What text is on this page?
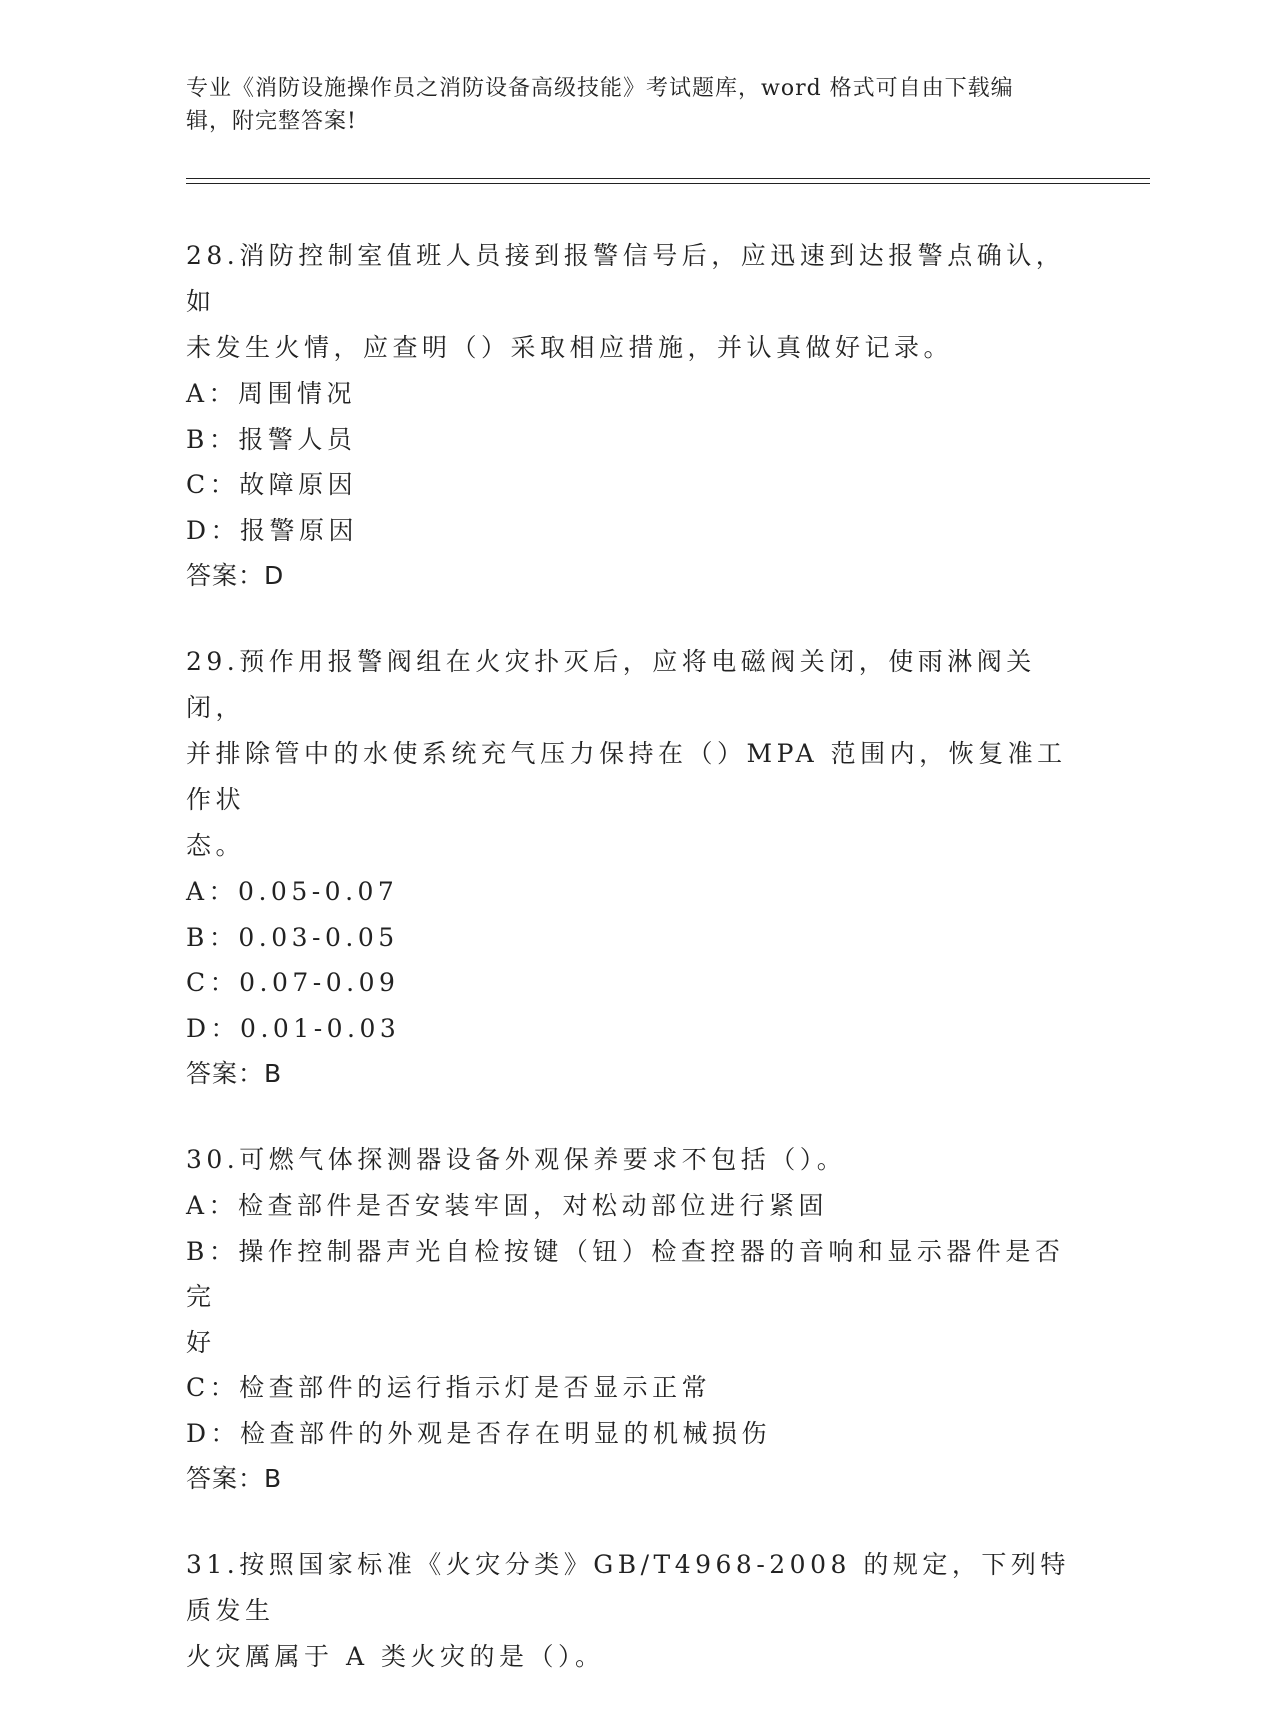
专业《消防设施操作员之消防设备高级技能》考试题库，word 格式可自由下载编
辑，附完整答案!
28.消防控制室值班人员接到报警信号后，应迅速到达报警点确认，如
未发生火情，应查明（）采取相应措施，并认真做好记录。
A：周围情况
B：报警人员
C：故障原因
D：报警原因
答案：D
29.预作用报警阀组在火灾扑灭后，应将电磁阀关闭，使雨淋阀关闭，
并排除管中的水使系统充气压力保持在（）MPA 范围内，恢复准工作状
态。
A：0.05-0.07
B：0.03-0.05
C：0.07-0.09
D：0.01-0.03
答案：B
30.可燃气体探测器设备外观保养要求不包括（）。
A：检查部件是否安装牢固，对松动部位进行紧固
B：操作控制器声光自检按键（钮）检查控器的音响和显示器件是否完
好
C：检查部件的运行指示灯是否显示正常
D：检查部件的外观是否存在明显的机械损伤
答案：B
31.按照国家标准《火灾分类》GB/T4968-2008 的规定，下列特质发生
火灾厲属于 A 类火灾的是（）。
